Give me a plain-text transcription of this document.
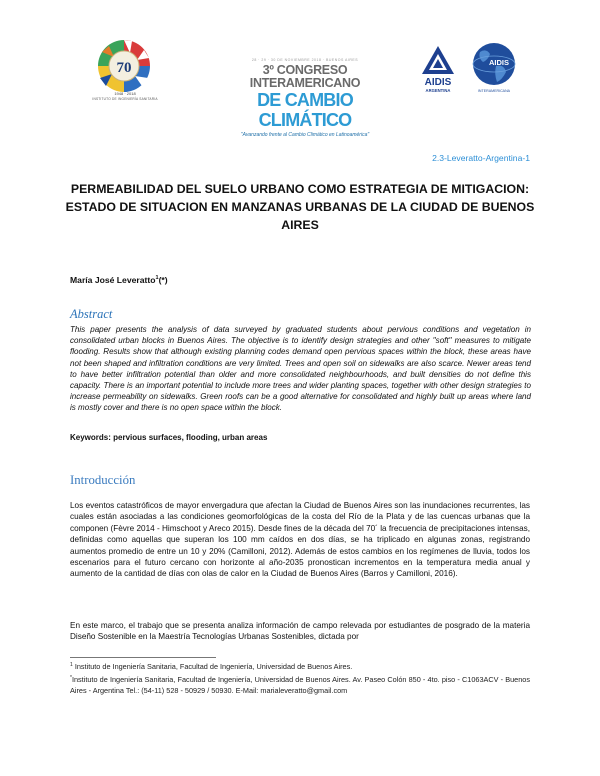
70
1948 · 2018
INSTITUTO DE INGENIERÍA SANITARIA
28 · 29 · 30 DE NOVIEMBRE 2018 · BUENOS AIRES
3º CONGRESO INTERAMERICANO
DE CAMBIO CLIMÁTICO
"Avanzando frente al Cambio Climático en Latinoamérica"
AIDIS
ARGENTINA
AIDIS
INTERAMERICANA
2.3-Leveratto-Argentina-1
PERMEABILIDAD DEL SUELO URBANO COMO ESTRATEGIA DE MITIGACION: ESTADO DE SITUACION EN MANZANAS URBANAS DE LA CIUDAD DE BUENOS AIRES
María José Leveratto$^1$(*)
Abstract

This paper presents the analysis of data surveyed by graduated students about pervious conditions and vegetation in consolidated urban blocks in Buenos Aires. The objective is to identify design strategies and other "soft" measures to mitigate flooding. Results show that although existing planning codes demand open pervious spaces within the block, these areas have not been shaped and infiltration conditions are very limited. Trees and open soil on sidewalks are also scarce. Newer areas tend to have better infiltration potential than older and more consolidated neighbourhoods, and built densities do not define this capacity. There is an important potential to include more trees and wider planting spaces, together with other design strategies to increase permeability on sidewalks. Green roofs can be a good alternative for consolidated and highly built up areas where land is mostly cover and there is no open space within the block.

Keywords: pervious surfaces, flooding, urban areas
Introducción

Los eventos catastróficos de mayor envergadura que afectan la Ciudad de Buenos Aires son las inundaciones recurrentes, las cuales están asociadas a las condiciones geomorfológicas de la costa del Río de la Plata y de las cuencas urbanas que la componen (Fèvre 2014 - Himschoot y Areco 2015). Desde fines de la década del 70´ la frecuencia de precipitaciones intensas, definidas como aquellas que superan los 100 mm caídos en dos días, se ha triplicado en algunas zonas, registrando aumentos promedio de entre un 10 y 20% (Camilloni, 2012). Además de estos cambios en los regímenes de lluvia, todos los escenarios para el futuro cercano con horizonte al año-2035 pronostican incrementos en la temperatura media anual y aumento de la cantidad de días con olas de calor en la Ciudad de Buenos Aires (Barros y Camilloni, 2016).

En este marco, el trabajo que se presenta analiza información de campo relevada por estudiantes de posgrado de la materia Diseño Sostenible en la Maestría Tecnologías Urbanas Sostenibles, dictada por

$^1$ Instituto de Ingeniería Sanitaria, Facultad de Ingeniería, Universidad de Buenos Aires.

*Instituto de Ingeniería Sanitaria, Facultad de Ingeniería, Universidad de Buenos Aires. Av. Paseo Colón 850 - 4to. piso - C1063ACV - Buenos Aires - Argentina Tel.: (54-11) 528 - 50929 / 50930. E-Mail: marialeveratto@gmail.com
